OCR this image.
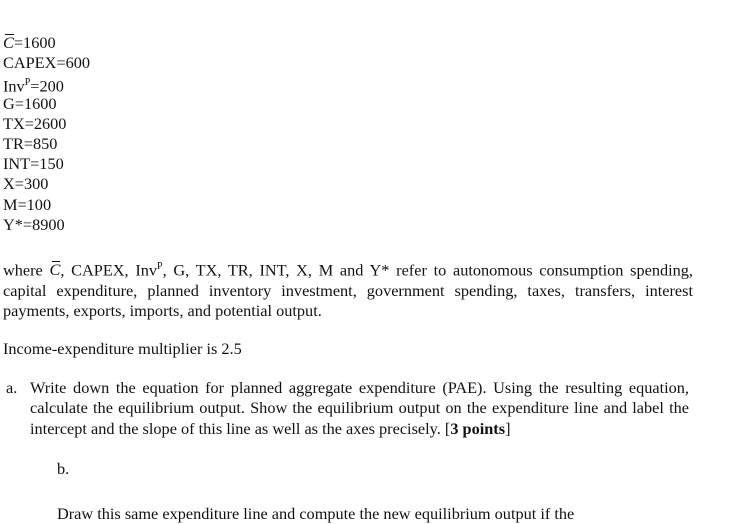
C=1600
CAPEX=600
Inv$^P$=200
G=1600
TX=2600
TR=850
INT=150
X=300
M=100
Y*=8900
where C, CAPEX, Inv$^P$, G, TX, TR, INT, X, M and Y* refer to autonomous consumption spending, capital expenditure, planned inventory investment, government spending, taxes, transfers, interest payments, exports, imports, and potential output.
Income-expenditure multiplier is 2.5
a. Write down the equation for planned aggregate expenditure (PAE). Using the resulting equation, calculate the equilibrium output. Show the equilibrium output on the expenditure line and label the intercept and the slope of this line as well as the axes precisely. [3 points]
b.

Draw this same expenditure line and compute the new equilibrium output if the
